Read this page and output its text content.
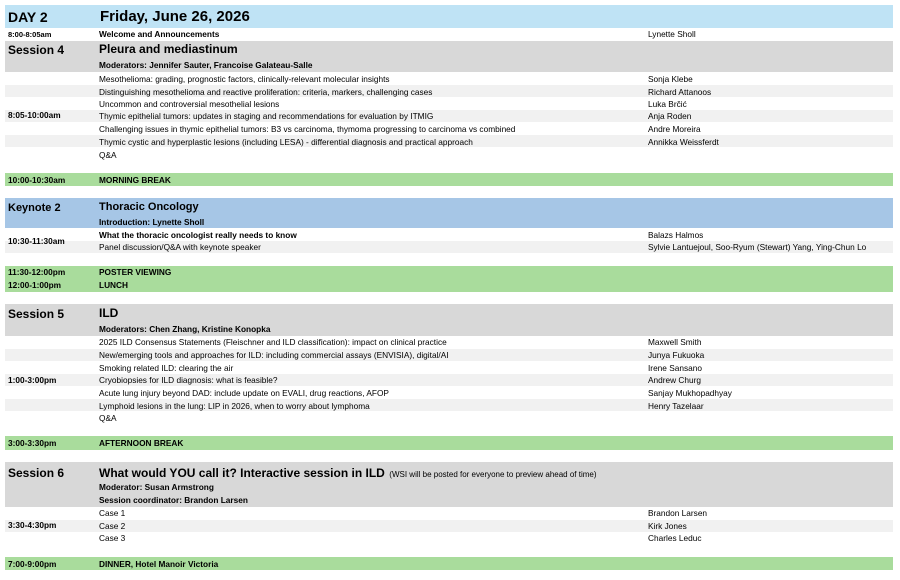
DAY 2	Friday, June 26, 2026
8:00-8:05am	Welcome and Announcements	Lynette Sholl
Session 4	Pleura and mediastinum
Moderators: Jennifer Sauter, Francoise Galateau-Salle
8:05-10:00am
Mesothelioma: grading, prognostic factors, clinically-relevant molecular insights	Sonja Klebe
Distinguishing mesothelioma and reactive proliferation: criteria, markers, challenging cases	Richard Attanoos
Uncommon and controversial mesothelial lesions	Luka Brčić
Thymic epithelial tumors: updates in staging and recommendations for evaluation by ITMIG	Anja Roden
Challenging issues in thymic epithelial tumors: B3 vs carcinoma, thymoma progressing to carcinoma vs combined	Andre Moreira
Thymic cystic and hyperplastic lesions (including LESA) - differential diagnosis and practical approach	Annikka Weissferdt
Q&A
10:00-10:30am	MORNING BREAK
Keynote 2	Thoracic Oncology
Introduction: Lynette Sholl
10:30-11:30am
What the thoracic oncologist really needs to know	Balazs Halmos
Panel discussion/Q&A with keynote speaker	Sylvie Lantuejoul, Soo-Ryum (Stewart) Yang, Ying-Chun Lo
11:30-12:00pm	POSTER VIEWING
12:00-1:00pm	LUNCH
Session 5	ILD
Moderators: Chen Zhang, Kristine Konopka
1:00-3:00pm
2025 ILD Consensus Statements (Fleischner and ILD classification): impact on clinical practice	Maxwell Smith
New/emerging tools and approaches for ILD: including commercial assays (ENVISIA), digital/AI	Junya Fukuoka
Smoking related ILD: clearing the air	Irene Sansano
Cryobiopsies for ILD diagnosis: what is feasible?	Andrew Churg
Acute lung injury beyond DAD: include update on EVALI, drug reactions, AFOP	Sanjay Mukhopadhyay
Lymphoid lesions in the lung: LIP in 2026, when to worry about lymphoma	Henry Tazelaar
Q&A
3:00-3:30pm	AFTERNOON BREAK
Session 6	What would YOU call it? Interactive session in ILD (WSI will be posted for everyone to preview ahead of time)
Moderator: Susan Armstrong
Session coordinator: Brandon Larsen
3:30-4:30pm
Case 1	Brandon Larsen
Case 2	Kirk Jones
Case 3	Charles Leduc
7:00-9:00pm	DINNER, Hotel Manoir Victoria
